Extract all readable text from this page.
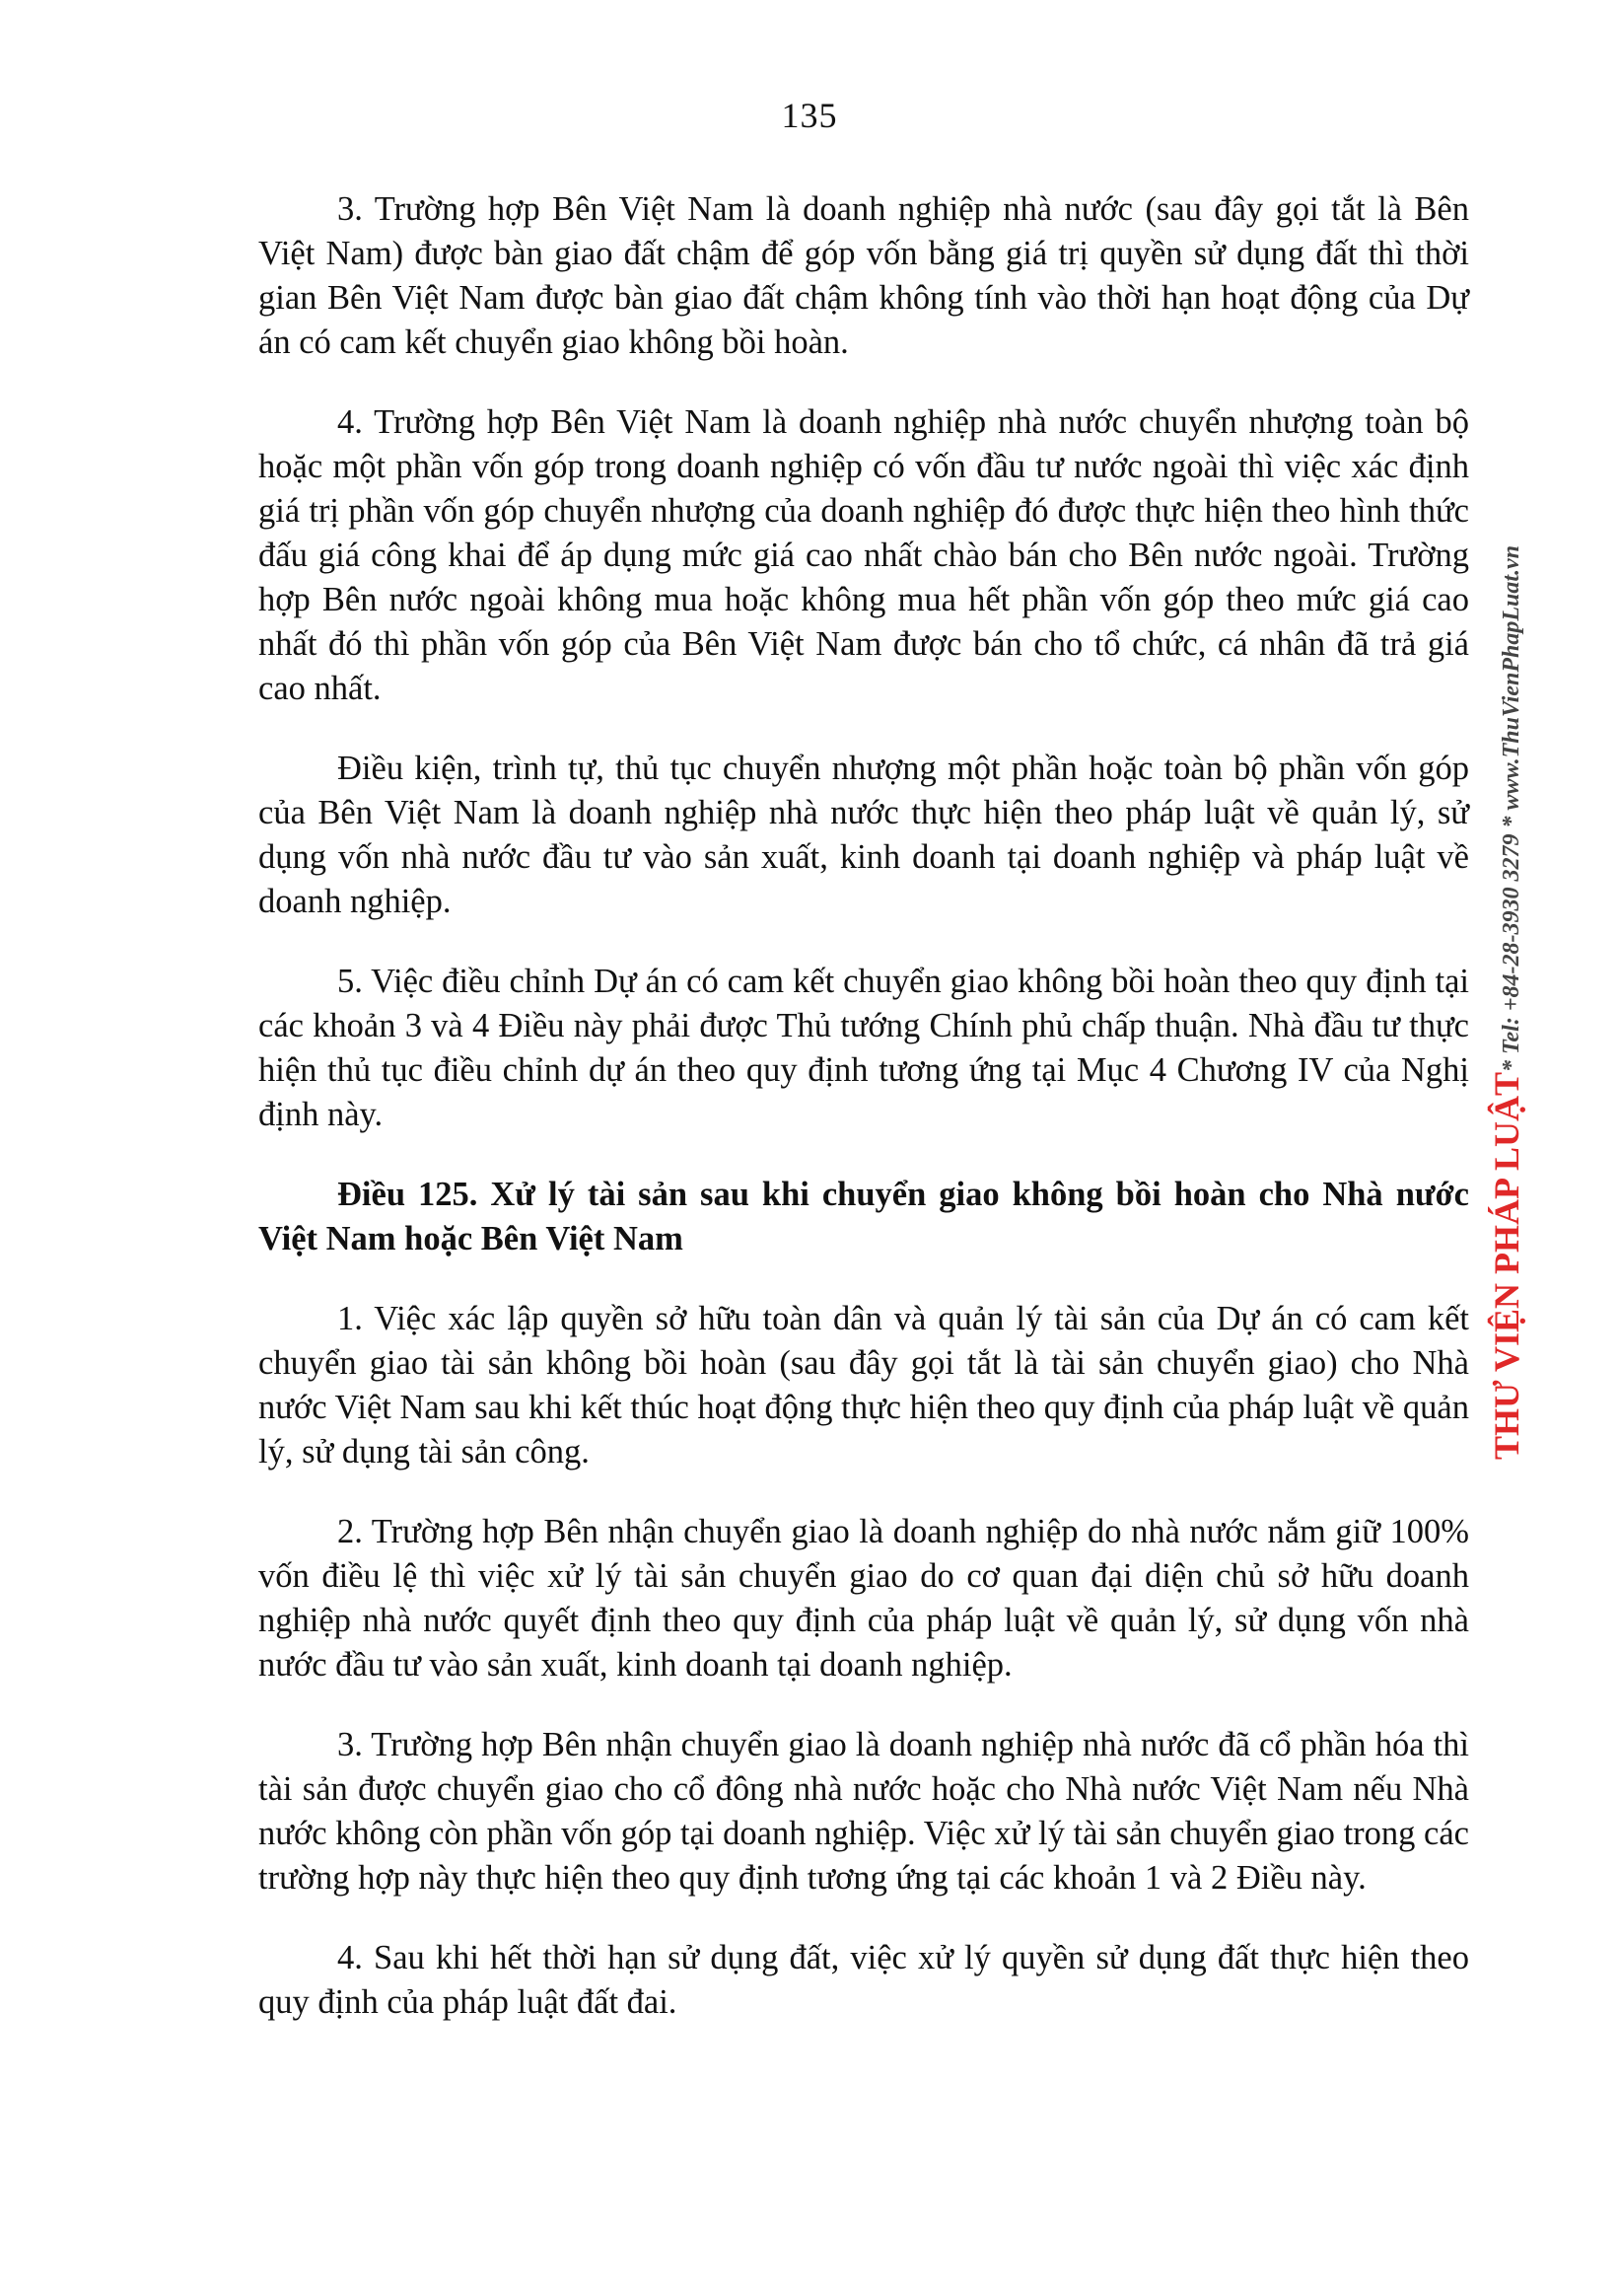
135

3. Trường hợp Bên Việt Nam là doanh nghiệp nhà nước (sau đây gọi tắt là Bên Việt Nam) được bàn giao đất chậm để góp vốn bằng giá trị quyền sử dụng đất thì thời gian Bên Việt Nam được bàn giao đất chậm không tính vào thời hạn hoạt động của Dự án có cam kết chuyển giao không bồi hoàn.

4. Trường hợp Bên Việt Nam là doanh nghiệp nhà nước chuyển nhượng toàn bộ hoặc một phần vốn góp trong doanh nghiệp có vốn đầu tư nước ngoài thì việc xác định giá trị phần vốn góp chuyển nhượng của doanh nghiệp đó được thực hiện theo hình thức đấu giá công khai để áp dụng mức giá cao nhất chào bán cho Bên nước ngoài. Trường hợp Bên nước ngoài không mua hoặc không mua hết phần vốn góp theo mức giá cao nhất đó thì phần vốn góp của Bên Việt Nam được bán cho tổ chức, cá nhân đã trả giá cao nhất.

Điều kiện, trình tự, thủ tục chuyển nhượng một phần hoặc toàn bộ phần vốn góp của Bên Việt Nam là doanh nghiệp nhà nước thực hiện theo pháp luật về quản lý, sử dụng vốn nhà nước đầu tư vào sản xuất, kinh doanh tại doanh nghiệp và pháp luật về doanh nghiệp.

5. Việc điều chỉnh Dự án có cam kết chuyển giao không bồi hoàn theo quy định tại các khoản 3 và 4 Điều này phải được Thủ tướng Chính phủ chấp thuận. Nhà đầu tư thực hiện thủ tục điều chỉnh dự án theo quy định tương ứng tại Mục 4 Chương IV của Nghị định này.

Điều 125. Xử lý tài sản sau khi chuyển giao không bồi hoàn cho Nhà nước Việt Nam hoặc Bên Việt Nam

1. Việc xác lập quyền sở hữu toàn dân và quản lý tài sản của Dự án có cam kết chuyển giao tài sản không bồi hoàn (sau đây gọi tắt là tài sản chuyển giao) cho Nhà nước Việt Nam sau khi kết thúc hoạt động thực hiện theo quy định của pháp luật về quản lý, sử dụng tài sản công.

2. Trường hợp Bên nhận chuyển giao là doanh nghiệp do nhà nước nắm giữ 100% vốn điều lệ thì việc xử lý tài sản chuyển giao do cơ quan đại diện chủ sở hữu doanh nghiệp nhà nước quyết định theo quy định của pháp luật về quản lý, sử dụng vốn nhà nước đầu tư vào sản xuất, kinh doanh tại doanh nghiệp.

3. Trường hợp Bên nhận chuyển giao là doanh nghiệp nhà nước đã cổ phần hóa thì tài sản được chuyển giao cho cổ đông nhà nước hoặc cho Nhà nước Việt Nam nếu Nhà nước không còn phần vốn góp tại doanh nghiệp. Việc xử lý tài sản chuyển giao trong các trường hợp này thực hiện theo quy định tương ứng tại các khoản 1 và 2 Điều này.

4. Sau khi hết thời hạn sử dụng đất, việc xử lý quyền sử dụng đất thực hiện theo quy định của pháp luật đất đai.

THƯ VIỆN PHÁP LUẬT* Tel: +84-28-3930 3279 * www.ThuVienPhapLuat.vn
